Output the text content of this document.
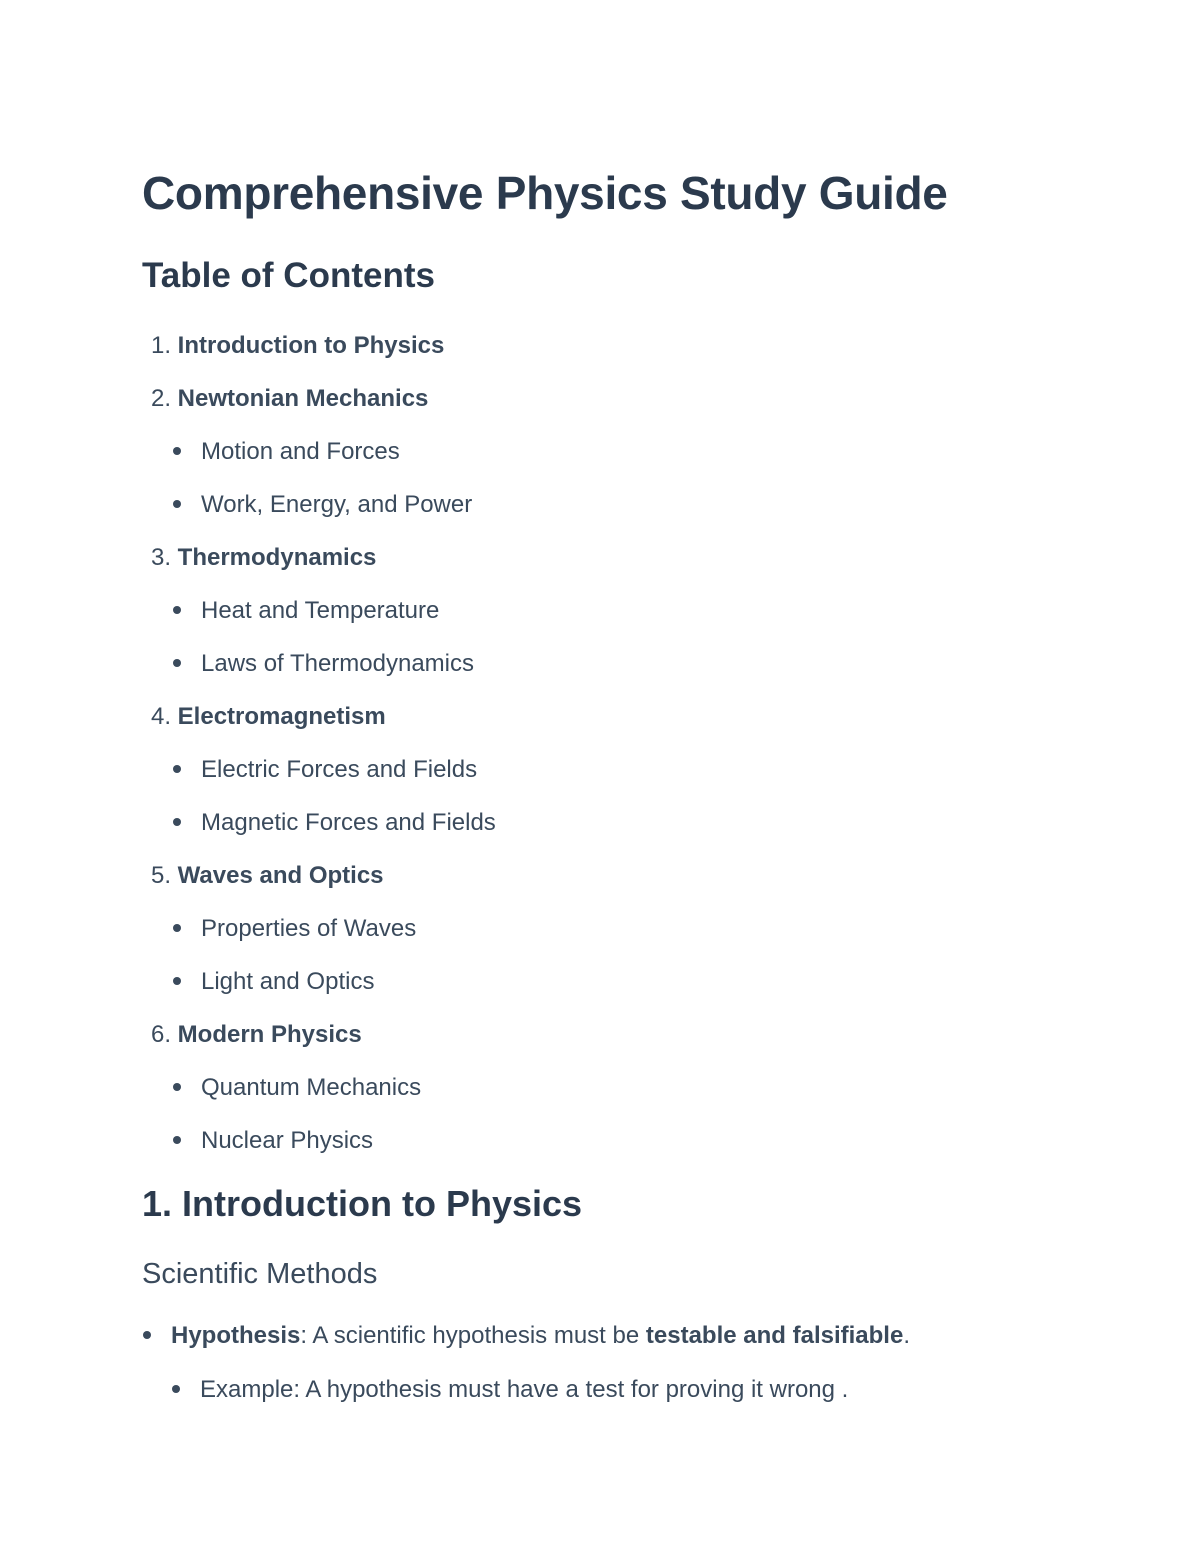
Comprehensive Physics Study Guide
Table of Contents
1. Introduction to Physics
2. Newtonian Mechanics
Motion and Forces
Work, Energy, and Power
3. Thermodynamics
Heat and Temperature
Laws of Thermodynamics
4. Electromagnetism
Electric Forces and Fields
Magnetic Forces and Fields
5. Waves and Optics
Properties of Waves
Light and Optics
6. Modern Physics
Quantum Mechanics
Nuclear Physics
1. Introduction to Physics
Scientific Methods
Hypothesis: A scientific hypothesis must be testable and falsifiable.
Example: A hypothesis must have a test for proving it wrong .
